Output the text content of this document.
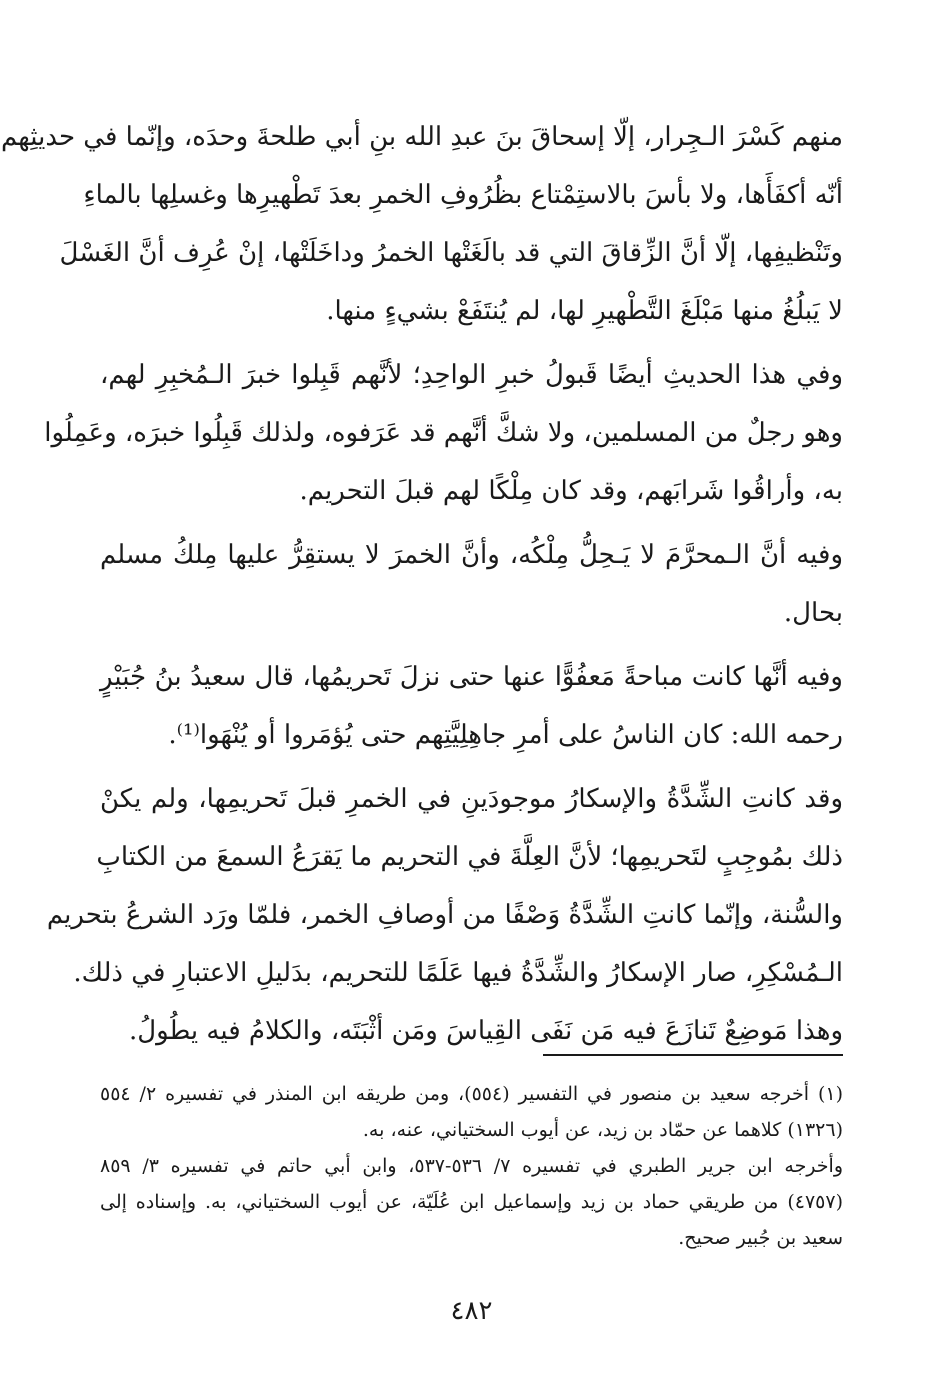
منهم كَسْرَ الـجِرار، إلّا إسحاقَ بنَ عبدِ الله بنِ أبي طلحةَ وحدَه، وإنّما في حديثِهم
أنّه أكفَأَها، ولا بأسَ بالاستِمْتاع بظُرُوفِ الخمرِ بعدَ تَطْهيرِها وغسلِها بالماءِ
وتَنْظيفِها، إلّا أنَّ الزِّقاقَ التي قد بالَغَتْها الخمرُ وداخَلَتْها، إنْ عُرِف أنَّ الغَسْلَ
لا يَبلُغُ منها مَبْلَغَ التَّطْهيرِ لها، لم يُنتَفَعْ بشيءٍ منها.
وفي هذا الحديثِ أيضًا قَبولُ خبرِ الواحِدِ؛ لأنَّهم قَبِلوا خبرَ الـمُخبِرِ لهم،
وهو رجلٌ من المسلمين، ولا شكَّ أنَّهم قد عَرَفوه، ولذلك قَبِلُوا خبرَه، وعَمِلُوا
به، وأراقُوا شَرابَهم، وقد كان مِلْكًا لهم قبلَ التحريم.
وفيه أنَّ الـمحرَّمَ لا يَـحِلُّ مِلْكُه، وأنَّ الخمرَ لا يستقِرُّ عليها مِلكُ مسلم
بحال.
وفيه أنَّها كانت مباحةً مَعفُوًّا عنها حتى نزلَ تَحريمُها، قال سعيدُ بنُ جُبَيْرٍ
رحمه الله: كان الناسُ على أمرِ جاهِلِيَّتِهم حتى يُؤمَروا أو يُنْهَوا⁽¹⁾.
وقد كانتِ الشِّدَّةُ والإسكارُ موجودَينِ في الخمرِ قبلَ تَحريمِها، ولم يكنْ
ذلك بمُوجِبٍ لتَحريمِها؛ لأنَّ العِلَّةَ في التحريم ما يَقرَعُ السمعَ من الكتابِ
والسُّنة، وإنّما كانتِ الشِّدَّةُ وَصْفًا من أوصافِ الخمر، فلمّا ورَد الشرعُ بتحريم
الـمُسْكِرِ، صار الإسكارُ والشِّدَّةُ فيها عَلَمًا للتحريم، بدَليلِ الاعتبارِ في ذلك.
وهذا مَوضِعٌ تَنازَعَ فيه مَن نَفَى القِياسَ ومَن أثْبَتَه، والكلامُ فيه يطُولُ.
(١) أخرجه سعيد بن منصور في التفسير (٥٥٤)، ومن طريقه ابن المنذر في تفسيره ٢/ ٥٥٤
(١٣٢٦) كلاهما عن حمّاد بن زيد، عن أيوب السختياني، عنه، به.
وأخرجه ابن جرير الطبري في تفسيره ٧/ ٥٣٦-٥٣٧، وابن أبي حاتم في تفسيره ٣/ ٨٥٩
(٤٧٥٧) من طريقي حماد بن زيد وإسماعيل ابن عُلَيّة، عن أيوب السختياني، به. وإسناده إلى
سعيد بن جُبير صحيح.
٤٨٢
